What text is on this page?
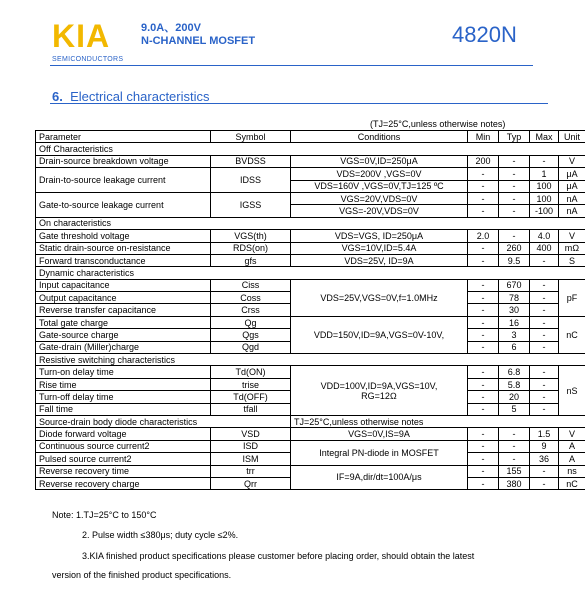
KIA
SEMICONDUCTORS
9.0A、200V
N-CHANNEL MOSFET	4820N
6. Electrical characteristics
(TJ=25°C,unless otherwise notes)
Parameter	Symbol	Conditions	Min	Typ	Max	Unit
Off Characteristics						
Drain-source breakdown voltage	BVDSS	VGS=0V,ID=250μA	200	-	-	V
Drain-to-source leakage current	IDSS	VDS=200V ,VGS=0V	-	-	1	μA
		VDS=160V ,VGS=0V,TJ=125 ºC	-	-	100	μA
Gate-to-source leakage current	IGSS	VGS=20V,VDS=0V	-	-	100	nA
		VGS=-20V,VDS=0V	-	-	-100	nA
On characteristics						
Gate threshold voltage	VGS(th)	VDS=VGS, ID=250μA	2.0	-	4.0	V
Static drain-source on-resistance	RDS(on)	VGS=10V,ID=5.4A	-	260	400	mΩ
Forward transconductance	gfs	VDS=25V, ID=9A	-	9.5	-	S
Dynamic characteristics						
Input capacitance	Ciss	VDS=25V,VGS=0V,f=1.0MHz	-	670	-	pF
Output capacitance	Coss		-	78	-	
Reverse transfer capacitance	Crss		-	30	-	
Total gate charge	Qg	VDD=150V,ID=9A,VGS=0V-10V,	-	16	-	nC
Gate-source charge	Qgs		-	3	-	
Gate-drain (Miller)charge	Qgd		-	6	-	
Resistive switching characteristics						
Turn-on delay time	Td(ON)	VDD=100V,ID=9A,VGS=10V,
RG=12Ω	-	6.8	-	nS
Rise time	trise		-	5.8	-	
Turn-off delay time	Td(OFF)		-	20	-	
Fall time	tfall		-	5	-	
Source-drain body diode characteristics		TJ=25°C,unless otherwise notes				
Diode forward voltage	VSD	VGS=0V,IS=9A	-	-	1.5	V
Continuous source current2	ISD	Integral PN-diode in MOSFET	-	-	9	A
Pulsed source current2	ISM		-	-	36	A
Reverse recovery time	trr	IF=9A,dir/dt=100A/μs	-	155	-	ns
Reverse recovery charge	Qrr		-	380	-	nC
Note: 1.TJ=25°C to 150°C
2. Pulse width ≤380μs; duty cycle ≤2%.
3.KIA finished product specifications please customer before placing order, should obtain the latest
version of the finished product specifications.
